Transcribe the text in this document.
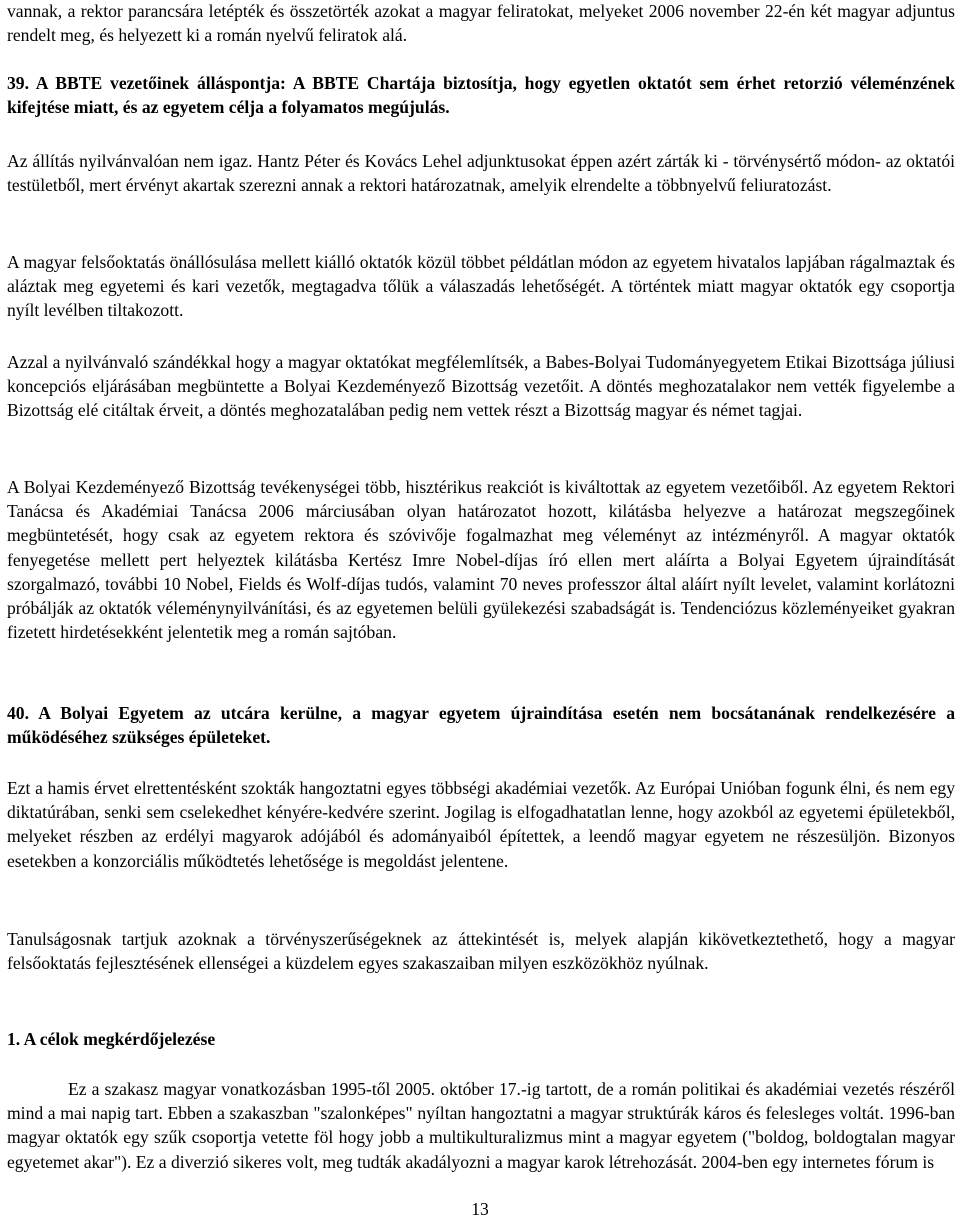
vannak, a rektor parancsára letépték és összetörték azokat a magyar feliratokat, melyeket 2006 november 22-én két magyar adjuntus rendelt meg, és helyezett ki a román nyelvű feliratok alá.

39. A BBTE vezetőinek álláspontja: A BBTE Chartája biztosítja, hogy egyetlen oktatót sem érhet retorzió véleménzének kifejtése miatt, és az egyetem célja a folyamatos megújulás.

Az állítás nyilvánvalóan nem igaz. Hantz Péter és Kovács Lehel adjunktusokat éppen azért zárták ki - törvénysértő módon- az oktatói testületből, mert érvényt akartak szerezni annak a rektori határozatnak, amelyik elrendelte a többnyelvű feliuratozást.

A magyar felsőoktatás önállósulása mellett kiálló oktatók közül többet példátlan módon az egyetem hivatalos lapjában rágalmaztak és aláztak meg egyetemi és kari vezetők, megtagadva tőlük a válaszadás lehetőségét. A történtek miatt magyar oktatók egy csoportja nyílt levélben tiltakozott.

Azzal a nyilvánvaló szándékkal hogy a magyar oktatókat megfélemlítsék, a Babes-Bolyai Tudományegyetem Etikai Bizottsága júliusi koncepciós eljárásában megbüntette a Bolyai Kezdeményező Bizottság vezetőit. A döntés meghozatalakor nem vették figyelembe a Bizottság elé citáltak érveit, a döntés meghozatalában pedig nem vettek részt a Bizottság magyar és német tagjai.

A Bolyai Kezdeményező Bizottság tevékenységei több, hisztérikus reakciót is kiváltottak az egyetem vezetőiből. Az egyetem Rektori Tanácsa és Akadémiai Tanácsa 2006 márciusában olyan határozatot hozott, kilátásba helyezve a határozat megszegőinek megbüntetését, hogy csak az egyetem rektora és szóvivője fogalmazhat meg véleményt az intézményről. A magyar oktatók fenyegetése mellett pert helyeztek kilátásba Kertész Imre Nobel-díjas író ellen mert aláírta a Bolyai Egyetem újraindítását szorgalmazó, további 10 Nobel, Fields és Wolf-díjas tudós, valamint 70 neves professzor által aláírt nyílt levelet, valamint korlátozni próbálják az oktatók véleménynyilvánítási, és az egyetemen belüli gyülekezési szabadságát is. Tendenciózus közleményeiket gyakran fizetett hirdetésekként jelentetik meg a román sajtóban.

40. A Bolyai Egyetem az utcára kerülne, a magyar egyetem újraindítása esetén nem bocsátanának rendelkezésére a működéséhez szükséges épületeket.

Ezt a hamis érvet elrettentésként szokták hangoztatni egyes többségi akadémiai vezetők. Az Európai Unióban fogunk élni, és nem egy diktatúrában, senki sem cselekedhet kényére-kedvére szerint. Jogilag is elfogadhatatlan lenne, hogy azokból az egyetemi épületekből, melyeket részben az erdélyi magyarok adójából és adományaiból építettek, a leendő magyar egyetem ne részesüljön. Bizonyos esetekben a konzorciális működtetés lehetősége is megoldást jelentene.

Tanulságosnak tartjuk azoknak a törvényszerűségeknek az áttekintését is, melyek alapján kikövetkeztethető, hogy a magyar felsőoktatás fejlesztésének ellenségei a küzdelem egyes szakaszaiban milyen eszközökhöz nyúlnak.

1. A célok megkérdőjelezése

Ez a szakasz magyar vonatkozásban 1995-től 2005. október 17.-ig tartott, de a román politikai és akadémiai vezetés részéről mind a mai napig tart. Ebben a szakaszban "szalonképes" nyíltan hangoztatni a magyar struktúrák káros és felesleges voltát. 1996-ban magyar oktatók egy szűk csoportja vetette föl hogy jobb a multikulturalizmus mint a magyar egyetem ("boldog, boldogtalan magyar egyetemet akar"). Ez a diverzió sikeres volt, meg tudták akadályozni a magyar karok létrehozását. 2004-ben egy internetes fórum is

13
